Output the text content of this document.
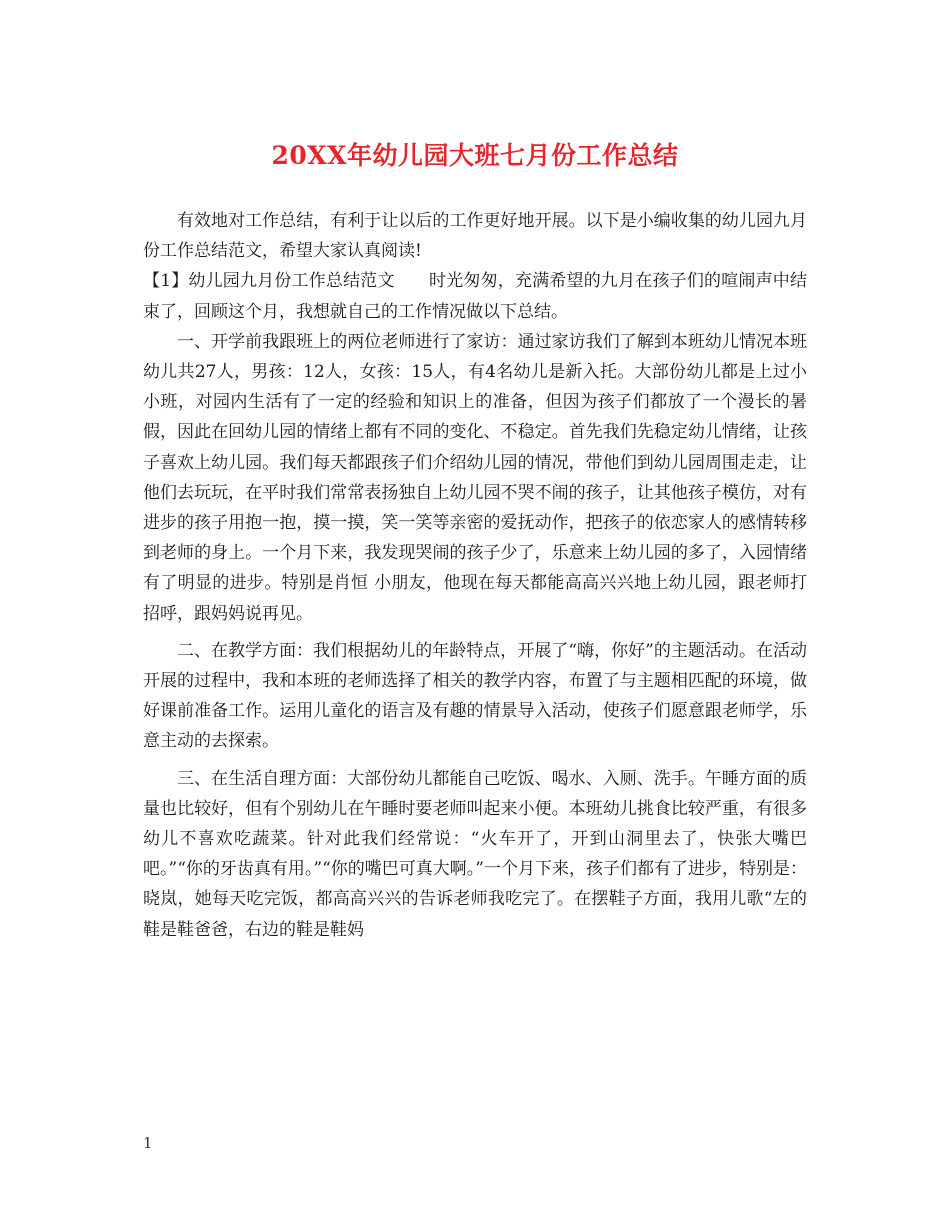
20XX年幼儿园大班七月份工作总结

有效地对工作总结，有利于让以后的工作更好地开展。以下是小编收集的幼儿园九月份工作总结范文，希望大家认真阅读!

【1】幼儿园九月份工作总结范文　　时光匆匆，充满希望的九月在孩子们的喧闹声中结束了，回顾这个月，我想就自己的工作情况做以下总结。

一、开学前我跟班上的两位老师进行了家访：通过家访我们了解到本班幼儿情况本班幼儿共27人，男孩：12人，女孩：15人，有4名幼儿是新入托。大部份幼儿都是上过小小班，对园内生活有了一定的经验和知识上的准备，但因为孩子们都放了一个漫长的暑假，因此在回幼儿园的情绪上都有不同的变化、不稳定。首先我们先稳定幼儿情绪，让孩子喜欢上幼儿园。我们每天都跟孩子们介绍幼儿园的情况，带他们到幼儿园周围走走，让他们去玩玩，在平时我们常常表扬独自上幼儿园不哭不闹的孩子，让其他孩子模仿，对有进步的孩子用抱一抱，摸一摸，笑一笑等亲密的爱抚动作，把孩子的依恋家人的感情转移到老师的身上。一个月下来，我发现哭闹的孩子少了，乐意来上幼儿园的多了，入园情绪有了明显的进步。特别是肖恒 小朋友，他现在每天都能高高兴兴地上幼儿园，跟老师打招呼，跟妈妈说再见。

二、在教学方面：我们根据幼儿的年龄特点，开展了“嗨，你好”的主题活动。在活动开展的过程中，我和本班的老师选择了相关的教学内容，布置了与主题相匹配的环境，做好课前准备工作。运用儿童化的语言及有趣的情景导入活动，使孩子们愿意跟老师学，乐意主动的去探索。

三、在生活自理方面：大部份幼儿都能自己吃饭、喝水、入厕、洗手。午睡方面的质量也比较好，但有个别幼儿在午睡时要老师叫起来小便。本班幼儿挑食比较严重，有很多幼儿不喜欢吃蔬菜。针对此我们经常说：“火车开了，开到山洞里去了，快张大嘴巴吧。”“你的牙齿真有用。”“你的嘴巴可真大啊。”一个月下来，孩子们都有了进步，特别是：晓岚，她每天吃完饭，都高高兴兴的告诉老师我吃完了。在摆鞋子方面，我用儿歌“左的鞋是鞋爸爸，右边的鞋是鞋妈

1
